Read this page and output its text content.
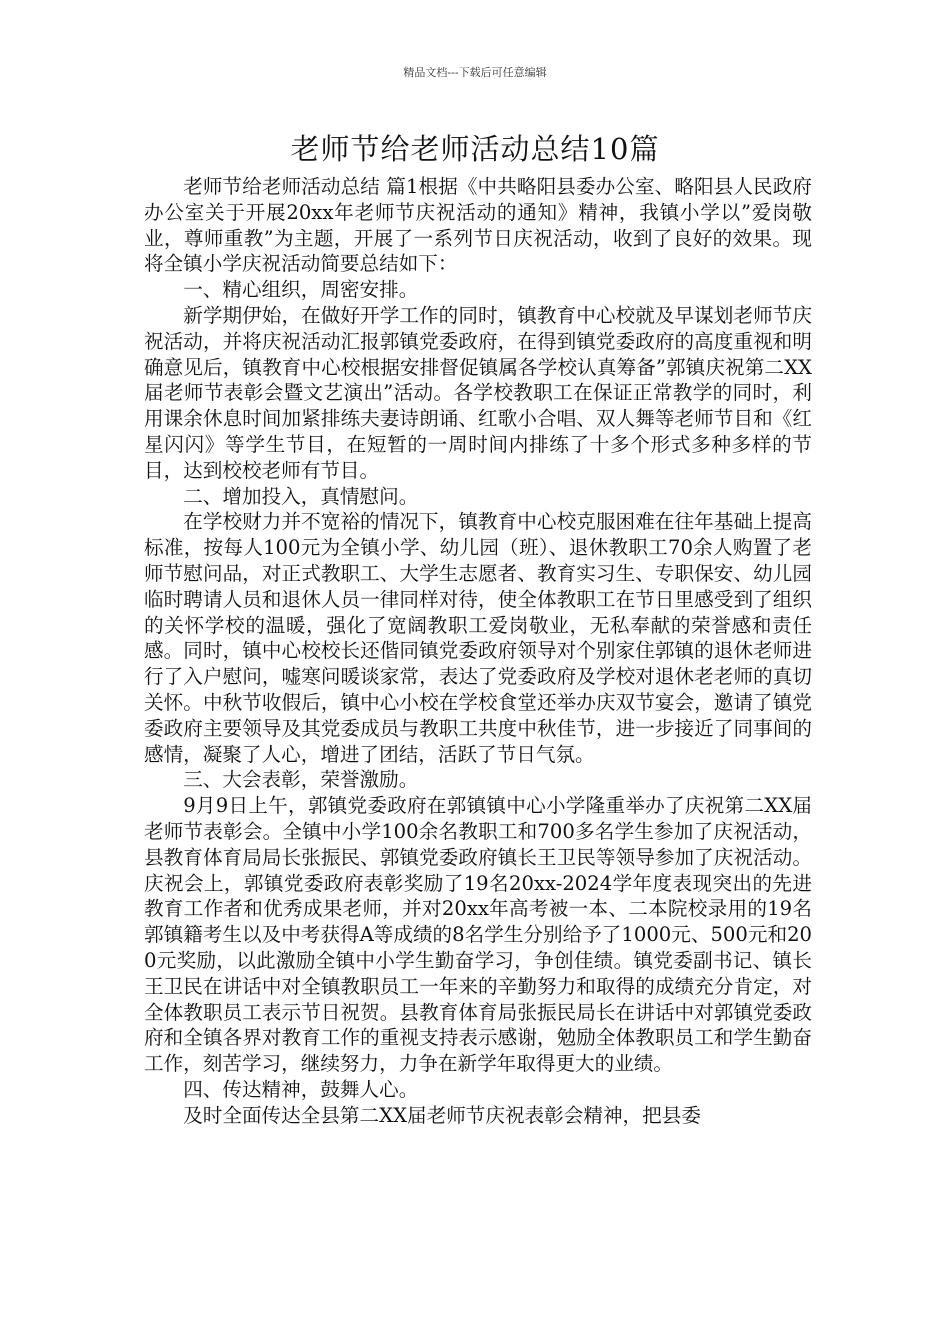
精品文档---下载后可任意编辑
老师节给老师活动总结10篇

老师节给老师活动总结 篇1根据《中共略阳县委办公室、略阳县人民政府办公室关于开展20xx年老师节庆祝活动的通知》精神，我镇小学以”爱岗敬业，尊师重教”为主题，开展了一系列节日庆祝活动，收到了良好的效果。现将全镇小学庆祝活动简要总结如下：

一、精心组织，周密安排。

新学期伊始，在做好开学工作的同时，镇教育中心校就及早谋划老师节庆祝活动，并将庆祝活动汇报郭镇党委政府，在得到镇党委政府的高度重视和明确意见后，镇教育中心校根据安排督促镇属各学校认真筹备”郭镇庆祝第二XX届老师节表彰会暨文艺演出”活动。各学校教职工在保证正常教学的同时，利用课余休息时间加紧排练夫妻诗朗诵、红歌小合唱、双人舞等老师节目和《红星闪闪》等学生节目，在短暂的一周时间内排练了十多个形式多种多样的节目，达到校校老师有节目。

二、增加投入，真情慰问。

在学校财力并不宽裕的情况下，镇教育中心校克服困难在往年基础上提高标准，按每人100元为全镇小学、幼儿园（班）、退休教职工70余人购置了老师节慰问品，对正式教职工、大学生志愿者、教育实习生、专职保安、幼儿园临时聘请人员和退休人员一律同样对待，使全体教职工在节日里感受到了组织的关怀学校的温暖，强化了宽阔教职工爱岗敬业，无私奉献的荣誉感和责任感。同时，镇中心校校长还偕同镇党委政府领导对个别家住郭镇的退休老师进行了入户慰问，嘘寒问暖谈家常，表达了党委政府及学校对退休老老师的真切关怀。中秋节收假后，镇中心小校在学校食堂还举办庆双节宴会，邀请了镇党委政府主要领导及其党委成员与教职工共度中秋佳节，进一步接近了同事间的感情，凝聚了人心，增进了团结，活跃了节日气氛。

三、大会表彰，荣誉激励。

9月9日上午，郭镇党委政府在郭镇镇中心小学隆重举办了庆祝第二XX届老师节表彰会。全镇中小学100余名教职工和700多名学生参加了庆祝活动，县教育体育局局长张振民、郭镇党委政府镇长王卫民等领导参加了庆祝活动。庆祝会上，郭镇党委政府表彰奖励了19名20xx-2024学年度表现突出的先进教育工作者和优秀成果老师，并对20xx年高考被一本、二本院校录用的19名郭镇籍考生以及中考获得A等成绩的8名学生分别给予了1000元、500元和200元奖励，以此激励全镇中小学生勤奋学习，争创佳绩。镇党委副书记、镇长王卫民在讲话中对全镇教职员工一年来的辛勤努力和取得的成绩充分肯定，对全体教职员工表示节日祝贺。县教育体育局张振民局长在讲话中对郭镇党委政府和全镇各界对教育工作的重视支持表示感谢，勉励全体教职员工和学生勤奋工作，刻苦学习，继续努力，力争在新学年取得更大的业绩。

四、传达精神，鼓舞人心。

及时全面传达全县第二XX届老师节庆祝表彰会精神，把县委
